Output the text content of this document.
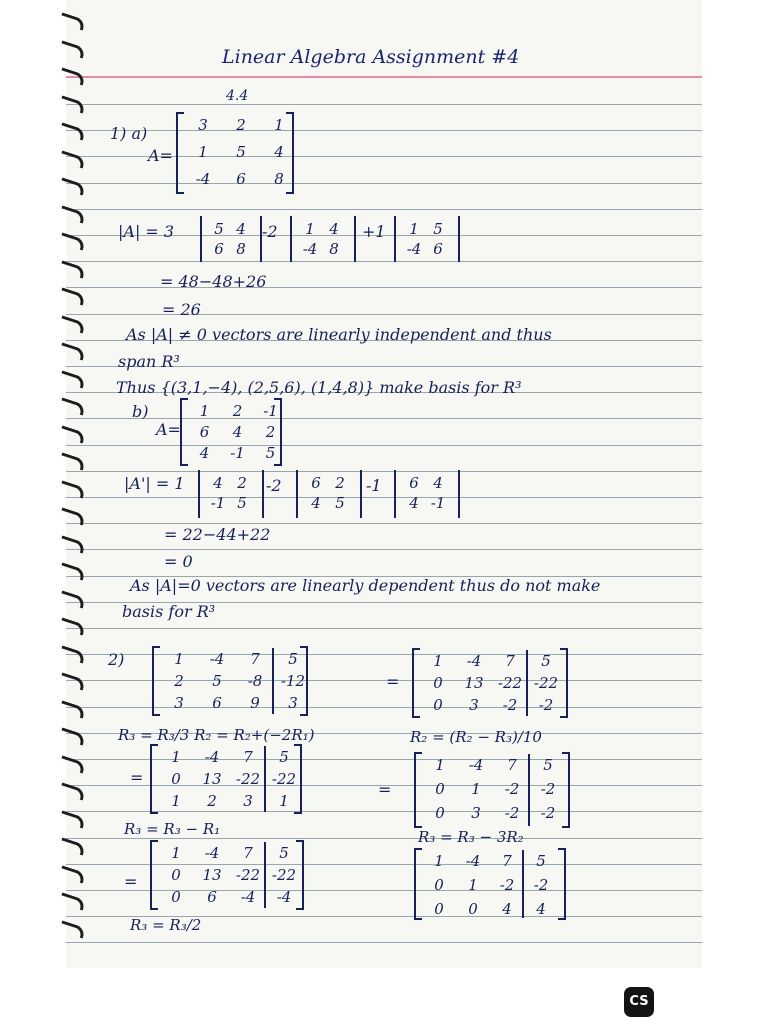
Linear Algebra Assignment #4
4.4
1) a)
A=
3	2	1
1	5	4
-4	6	8
|A| = 3	5 4
6 8
-2	1 4
-4 8
+1	1 5
-4 6
= 48−48+26
= 26
As |A| ≠ 0 vectors are linearly independent and thus
span R³
Thus {(3,1,−4), (2,5,6), (1,4,8)} make basis for R³
b)
A=
1	2	-1
6	4	2
4	-1	5
|A'| = 1	4 2
-1 5
-2	6 2
4 5
-1	6 4
4 -1
= 22−44+22
= 0
As |A|=0 vectors are linearly dependent thus do not make
basis for R³
2)	1	-4	7	5
2	5	-8	-12
3	6	9	3
=
1	-4	7	5
0	13 -22 -22
0	3	-2	-2
R₃ = R₃/3 R₂ = R₂+(−2R₁)	R₂ = (R₂ − R₃)/10
=
1	-4	7	5
0	13 -22 -22
1	2	3	1
=
1	-4	7	5
0	1	-2	-2
0	3	-2	-2
R₃ = R₃ − R₁	R₃ = R₃ − 3R₂
=
1	-4	7	5
0	13 -22 -22
0	6	-4	-4
1	-4	7	5
0	1	-2	-2
0	0	4	4
R₃ = R₃/2
CS
